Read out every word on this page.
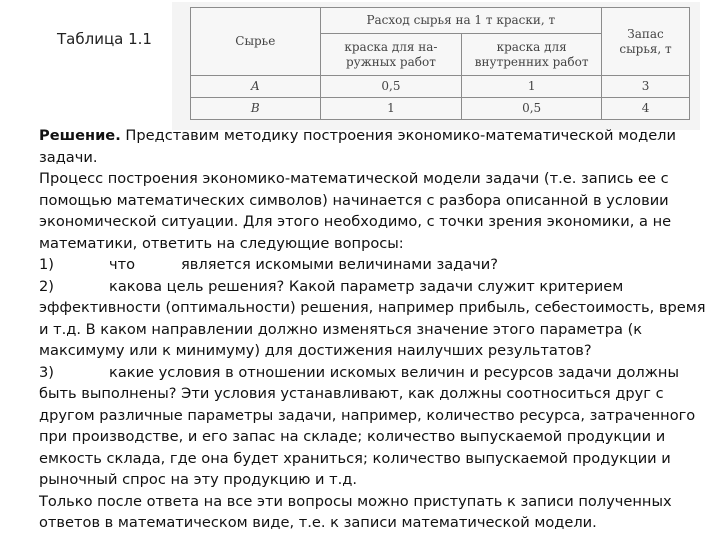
Таблица 1.1	Сырье	Расход сырья на 1 т краски, т		Запас сырья, т
	краска для на-ружных работ	краска для внутренних работ	
A	0,5	1	3
B	1	0,5	4
Решение. Представим методику построения экономико-математической модели
задачи.
Процесс построения экономико-математической модели задачи (т.е. запись ее с
помощью математических символов) начинается с разбора описанной в условии
экономической ситуации. Для этого необходимо, с точки зрения экономики, а не
математики, ответить на следующие вопросы:
1)	что	является искомыми величинами задачи?
2)	какова цель решения? Какой параметр задачи служит критерием
эффективности (оптимальности) решения, например прибыль, себестоимость, время
и т.д. В каком направлении должно изменяться значение этого параметра (к
максимуму или к минимуму) для достижения наилучших результатов?
3)	какие условия в отношении искомых величин и ресурсов задачи должны
быть выполнены? Эти условия устанавливают, как должны соотноситься друг с
другом различные параметры задачи, например, количество ресурса, затраченного
при производстве, и его запас на складе; количество выпускаемой продукции и
емкость склада, где она будет храниться; количество выпускаемой продукции и
рыночный спрос на эту продукцию и т.д.
Только после ответа на все эти вопросы можно приступать к записи полученных
ответов в математическом виде, т.е. к записи математической модели.
